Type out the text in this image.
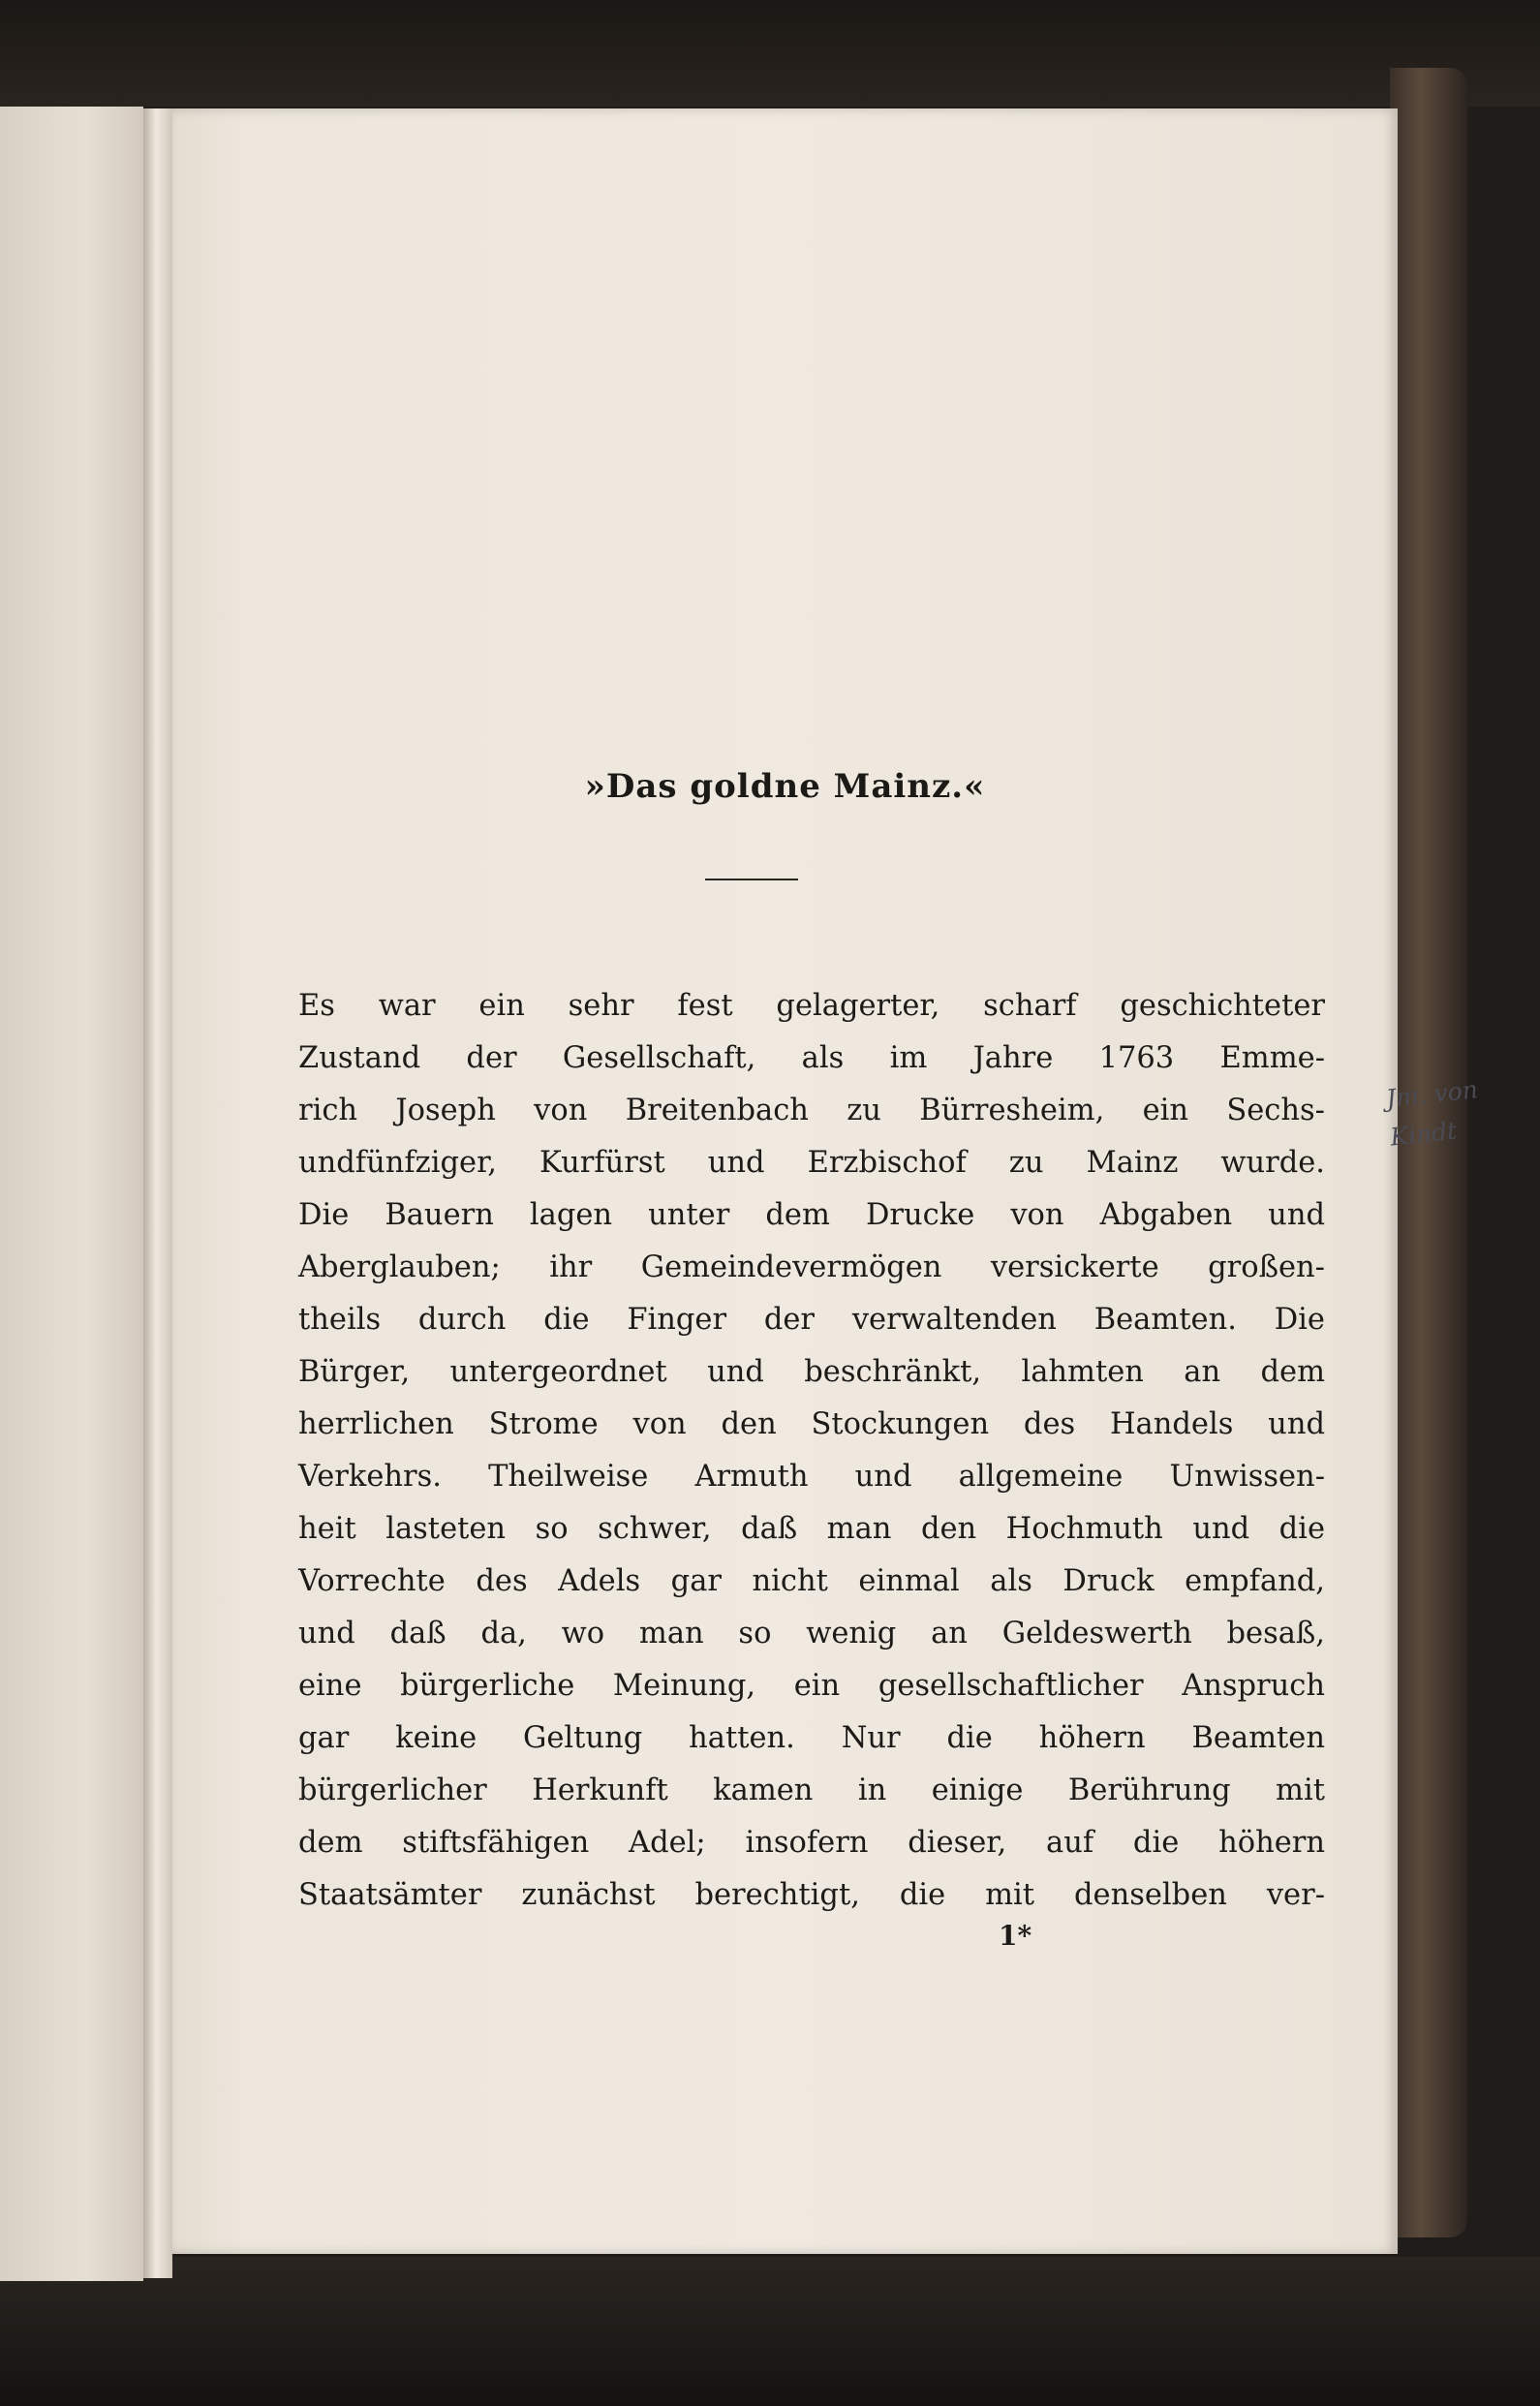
»Das goldne Mainz.«
Es war ein sehr fest gelagerter, scharf geschichteter
Zustand der Gesellschaft, als im Jahre 1763 Emme-
rich Joseph von Breitenbach zu Bürresheim, ein Sechs-
undfünfziger, Kurfürst und Erzbischof zu Mainz wurde.
Die Bauern lagen unter dem Drucke von Abgaben und
Aberglauben; ihr Gemeindevermögen versickerte großen-
theils durch die Finger der verwaltenden Beamten. Die
Bürger, untergeordnet und beschränkt, lahmten an dem
herrlichen Strome von den Stockungen des Handels und
Verkehrs. Theilweise Armuth und allgemeine Unwissen-
heit lasteten so schwer, daß man den Hochmuth und die
Vorrechte des Adels gar nicht einmal als Druck empfand,
und daß da, wo man so wenig an Geldeswerth besaß,
eine bürgerliche Meinung, ein gesellschaftlicher Anspruch
gar keine Geltung hatten. Nur die höhern Beamten
bürgerlicher Herkunft kamen in einige Berührung mit
dem stiftsfähigen Adel; insofern dieser, auf die höhern
Staatsämter zunächst berechtigt, die mit denselben ver-
1*
Jm. von
Kindt
